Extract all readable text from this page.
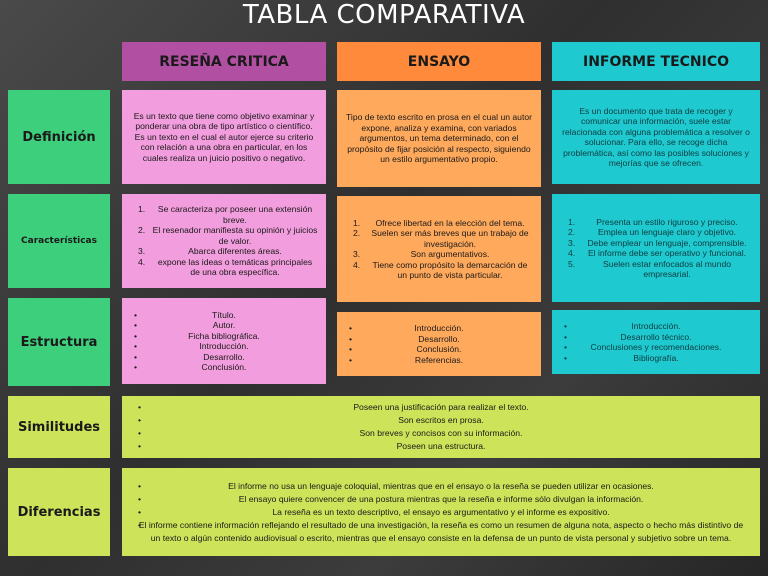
TABLA COMPARATIVA
RESEÑA CRITICA	ENSAYO	INFORME TECNICO
Definición

Es un texto que tiene como objetivo examinar y ponderar una obra de tipo artístico o científico. Es un texto en el cual el autor ejerce su criterio con relación a una obra en particular, en los cuales realiza un juicio positivo o negativo.

Tipo de texto escrito en prosa en el cual un autor expone, analiza y examina, con variados argumentos, un tema determinado, con el propósito de fijar posición al respecto, siguiendo un estilo argumentativo propio.

Es un documento que trata de recoger y comunicar una información, suele estar relacionada con alguna problemática a resolver o solucionar. Para ello, se recoge dicha problemática, así como las posibles soluciones y mejorías que se ofrecen.

Características
Se caracteriza por poseer una extensión breve.
El resenador manifiesta su opinión y juicios de valor.
Abarca diferentes áreas.
expone las ideas o temáticas principales de una obra específica.
Ofrece libertad en la elección del tema.
Suelen ser más breves que un trabajo de investigación.
Son argumentativos.
Tiene como propósito la demarcación de un punto de vista particular.
Presenta un estilo riguroso y preciso.
Emplea un lenguaje claro y objetivo.
Debe emplear un lenguaje, comprensible.
El informe debe ser operativo y funcional.
Suelen estar enfocados al mundo empresarial.
Estructura
• Título.
• Autor.
• Ficha bibliográfica.
• Introducción.
• Desarrollo.
• Conclusión.
• Introducción.
• Desarrollo.
• Conclusión.
• Referencias.
• Introducción.
• Desarrollo técnico.
• Conclusiones y recomendaciones.
• Bibliografía.
Similitudes
• Poseen una justificación para realizar el texto.
• Son escritos en prosa.
• Son breves y concisos con su información.
• Poseen una estructura.
Diferencias
• El informe no usa un lenguaje coloquial, mientras que en el ensayo o la reseña se pueden utilizar en ocasiones.
• El ensayo quiere convencer de una postura mientras que la reseña e informe sólo divulgan la información.
• La reseña es un texto descriptivo, el ensayo es argumentativo y el informe es expositivo.
• El informe contiene información reflejando el resultado de una investigación, la reseña es como un resumen de alguna nota, aspecto o hecho más distintivo de un texto o algún contenido audiovisual o escrito, mientras que el ensayo consiste en la defensa de un punto de vista personal y subjetivo sobre un tema.
